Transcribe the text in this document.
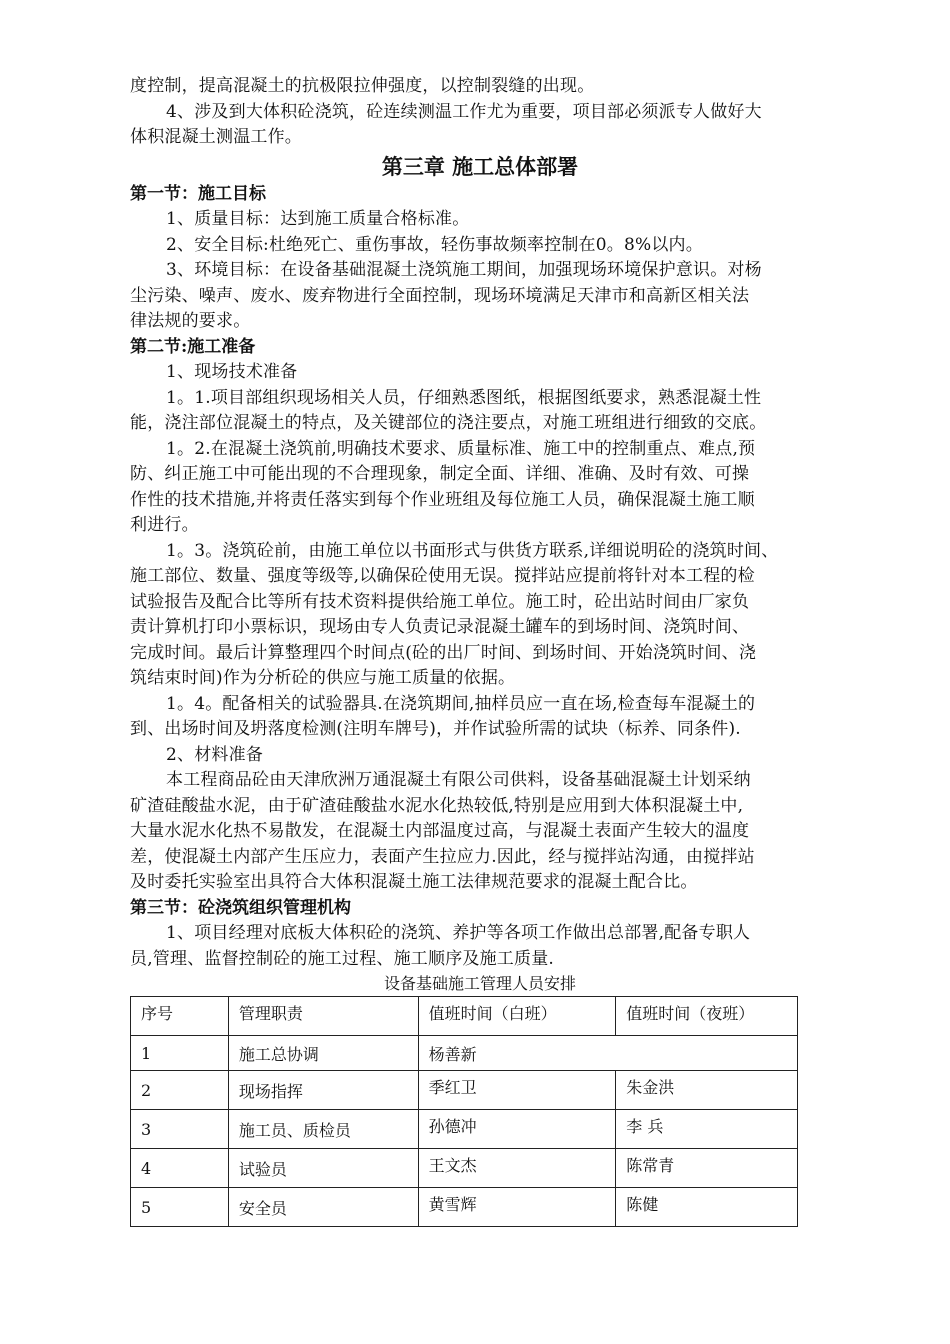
度控制，提高混凝土的抗极限拉伸强度，以控制裂缝的出现。
4、涉及到大体积砼浇筑，砼连续测温工作尤为重要，项目部必须派专人做好大
体积混凝土测温工作。
第三章 施工总体部署
第一节：施工目标
1、质量目标：达到施工质量合格标准。
2、安全目标:杜绝死亡、重伤事故，轻伤事故频率控制在0。8%以内。
3、环境目标：在设备基础混凝土浇筑施工期间，加强现场环境保护意识。对杨
尘污染、噪声、废水、废弃物进行全面控制，现场环境满足天津市和高新区相关法
律法规的要求。
第二节:施工准备
1、现场技术准备
1。1.项目部组织现场相关人员，仔细熟悉图纸，根据图纸要求，熟悉混凝土性
能，浇注部位混凝土的特点，及关键部位的浇注要点，对施工班组进行细致的交底。
1。2.在混凝土浇筑前,明确技术要求、质量标准、施工中的控制重点、难点,预
防、纠正施工中可能出现的不合理现象，制定全面、详细、准确、及时有效、可操
作性的技术措施,并将责任落实到每个作业班组及每位施工人员，确保混凝土施工顺
利进行。
1。3。浇筑砼前，由施工单位以书面形式与供货方联系,详细说明砼的浇筑时间、
施工部位、数量、强度等级等,以确保砼使用无误。搅拌站应提前将针对本工程的检
试验报告及配合比等所有技术资料提供给施工单位。施工时，砼出站时间由厂家负
责计算机打印小票标识，现场由专人负责记录混凝土罐车的到场时间、浇筑时间、
完成时间。最后计算整理四个时间点(砼的出厂时间、到场时间、开始浇筑时间、浇
筑结束时间)作为分析砼的供应与施工质量的依据。
1。4。配备相关的试验器具.在浇筑期间,抽样员应一直在场,检查每车混凝土的
到、出场时间及坍落度检测(注明车牌号)，并作试验所需的试块（标养、同条件).
2、材料准备
本工程商品砼由天津欣洲万通混凝土有限公司供料，设备基础混凝土计划采纳
矿渣硅酸盐水泥，由于矿渣硅酸盐水泥水化热较低,特别是应用到大体积混凝土中,
大量水泥水化热不易散发，在混凝土内部温度过高，与混凝土表面产生较大的温度
差，使混凝土内部产生压应力，表面产生拉应力.因此，经与搅拌站沟通，由搅拌站
及时委托实验室出具符合大体积混凝土施工法律规范要求的混凝土配合比。
第三节：砼浇筑组织管理机构
1、项目经理对底板大体积砼的浇筑、养护等各项工作做出总部署,配备专职人
员,管理、监督控制砼的施工过程、施工顺序及施工质量.
设备基础施工管理人员安排
序号	管理职责	值班时间（白班）	值班时间（夜班）
1	施工总协调	杨善新	
2	现场指挥	季红卫	朱金洪
3	施工员、质检员	孙德冲	李 兵
4	试验员	王文杰	陈常青
5	安全员	黄雪辉	陈健
